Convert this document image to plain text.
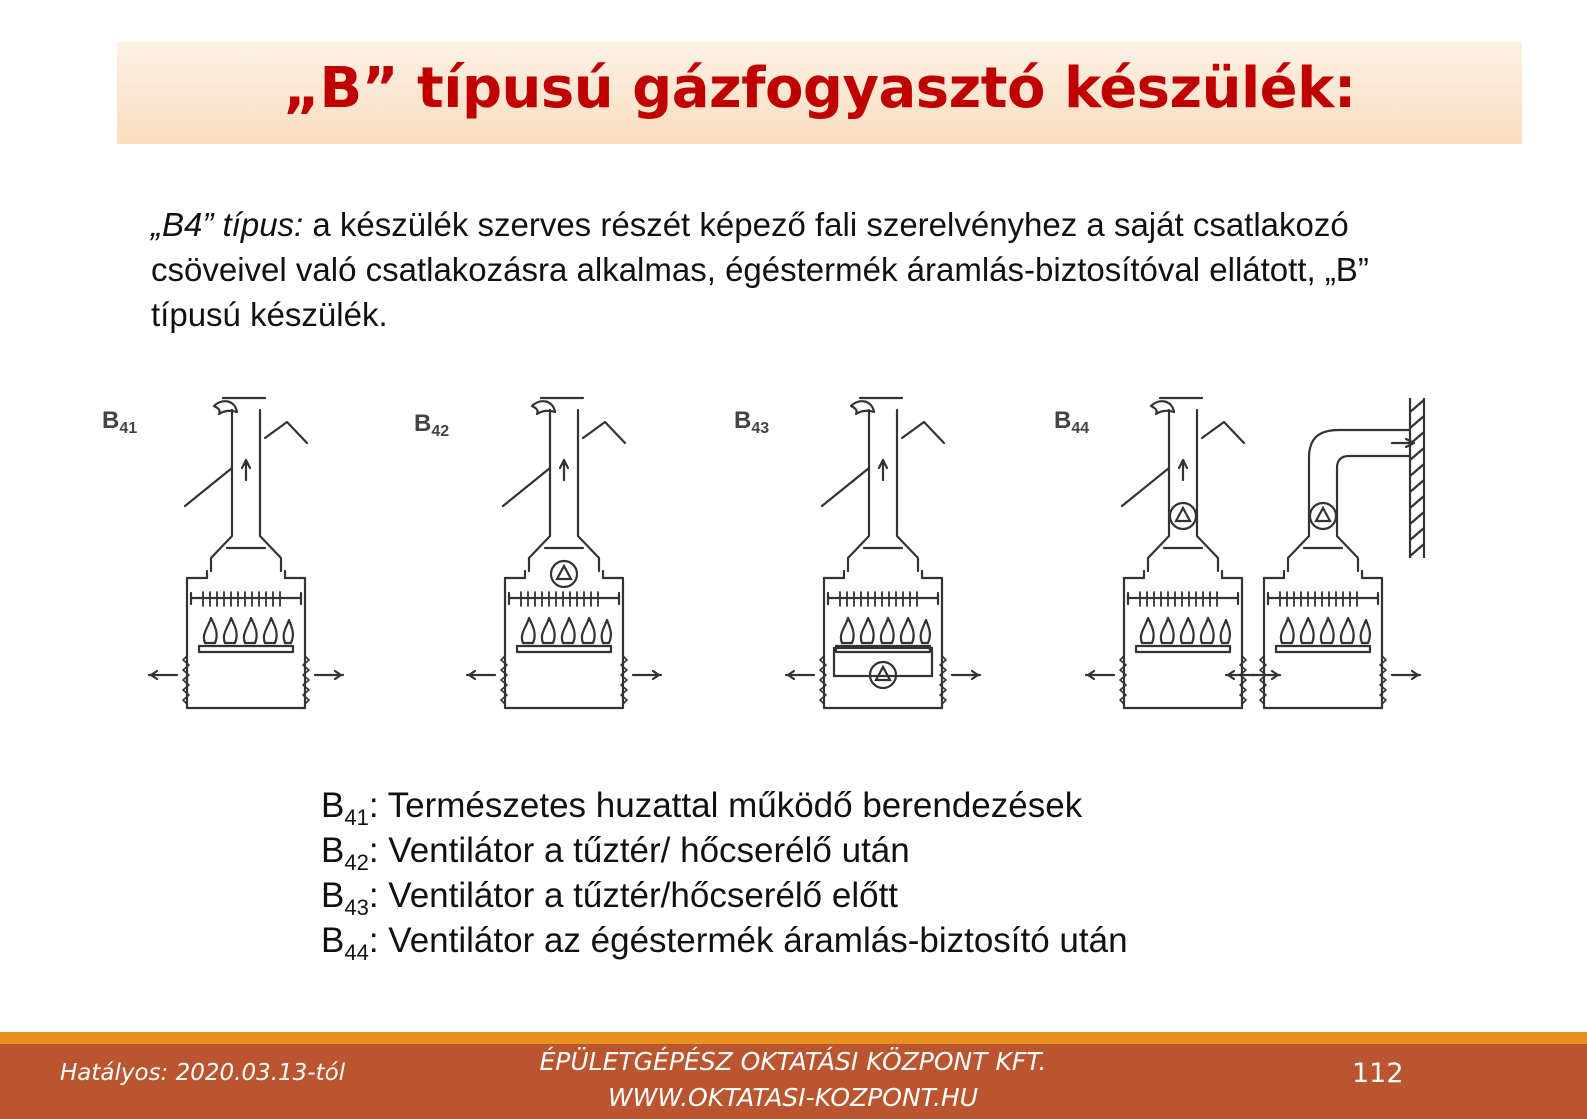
„B” típusú gázfogyasztó készülék:
„B4” típus: a készülék szerves részét képező fali szerelvényhez a saját csatlakozó csöveivel való csatlakozásra alkalmas, égéstermék áramlás-biztosítóval ellátott, „B” típusú készülék.
$B_{41}$	$B_{42}$	$B_{43}$	$B_{44}$
$B_{41}$: Természetes huzattal működő berendezések
$B_{42}$: Ventilátor a tűztér/ hőcserélő után
$B_{43}$: Ventilátor a tűztér/hőcserélő előtt
$B_{44}$: Ventilátor az égéstermék áramlás-biztosító után
Hatályos: 2020.03.13-tól	ÉPÜLETGÉPÉSZ OKTATÁSI KÖZPONT KFT.
WWW.OKTATASI-KOZPONT.HU
112
